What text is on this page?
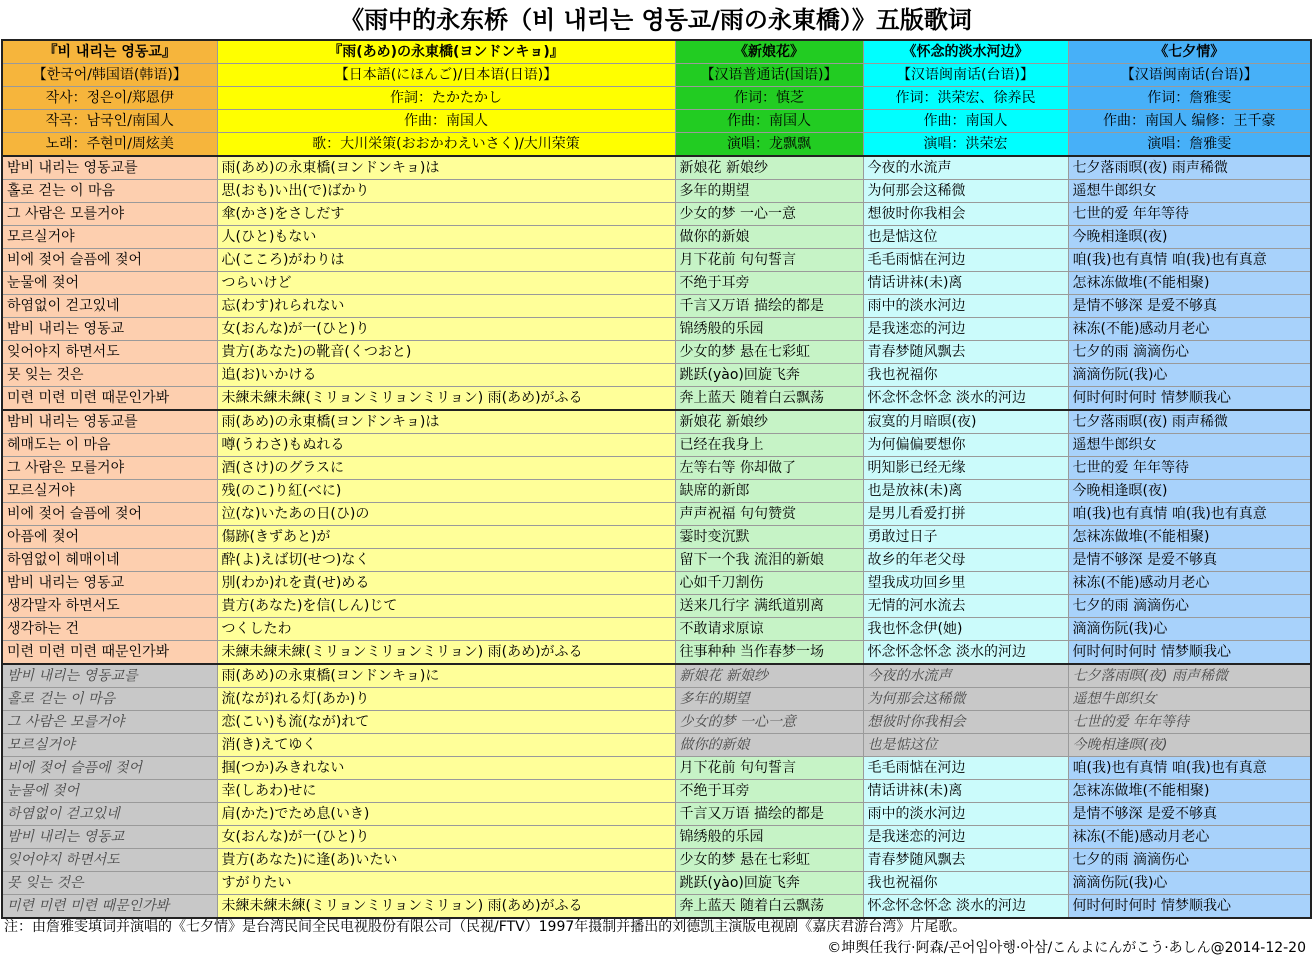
《雨中的永东桥（비 내리는 영동교/雨の永東橋）》五版歌词
『비 내리는 영동교』	『雨(あめ)の永東橋(ヨンドンキョ)』	《新娘花》	《怀念的淡水河边》	《七夕情》
【한국어/韩国语(韩语)】	【日本語(にほんご)/日本语(日语)】	【汉语普通话(国语)】	【汉语闽南话(台语)】	【汉语闽南话(台语)】
작사：정은이/郑恩伊	作詞：たかたかし	作词：慎芝	作词：洪荣宏、徐养民	作词：詹雅雯
작곡：남국인/南国人	作曲：南国人	作曲：南国人	作曲：南国人	作曲：南国人 编修：王千豪
노래：주현미/周炫美	歌：大川栄策(おおかわえいさく)/大川荣策	演唱：龙飘飘	演唱：洪荣宏	演唱：詹雅雯
밤비 내리는 영동교를	雨(あめ)の永東橋(ヨンドンキョ)は	新娘花 新娘纱	今夜的水流声	七夕落雨暝(夜) 雨声稀微
홀로 걷는 이 마음	思(おも)い出(で)ばかり	多年的期望	为何那会这稀微	遥想牛郎织女
그 사람은 모를거야	傘(かさ)をさしだす	少女的梦 一心一意	想彼时你我相会	七世的爱 年年等待
모르실거야	人(ひと)もない	做你的新娘	也是惦这位	今晚相逢暝(夜)
비에 젖어 슬픔에 젖어	心(こころ)がわりは	月下花前 句句誓言	毛毛雨惦在河边	咱(我)也有真情 咱(我)也有真意
눈물에 젖어	つらいけど	不绝于耳旁	情话讲袜(未)离	怎袜冻做堆(不能相聚)
하염없이 걷고있네	忘(わす)れられない	千言又万语 描绘的都是	雨中的淡水河边	是情不够深 是爱不够真
밤비 내리는 영동교	女(おんな)が一(ひと)り	锦绣般的乐园	是我迷恋的河边	袜冻(不能)感动月老心
잊어야지 하면서도	貴方(あなた)の靴音(くつおと)	少女的梦 悬在七彩虹	青春梦随风飘去	七夕的雨 滴滴伤心
못 잊는 것은	追(お)いかける	跳跃(yào)回旋飞奔	我也祝福你	滴滴伤阮(我)心
미련 미련 미련 때문인가봐	未練未練未練(ミリョンミリョンミリョン) 雨(あめ)がふる	奔上蓝天 随着白云飘荡	怀念怀念怀念 淡水的河边	何时何时何时 情梦顺我心
밤비 내리는 영동교를	雨(あめ)の永東橋(ヨンドンキョ)は	新娘花 新娘纱	寂寞的月暗暝(夜)	七夕落雨暝(夜) 雨声稀微
헤매도는 이 마음	噂(うわさ)もぬれる	已经在我身上	为何偏偏要想你	遥想牛郎织女
그 사람은 모를거야	酒(さけ)のグラスに	左等右等 你却做了	明知影已经无缘	七世的爱 年年等待
모르실거야	残(のこ)り紅(べに)	缺席的新郎	也是放袜(未)离	今晚相逢暝(夜)
비에 젖어 슬픔에 젖어	泣(な)いたあの日(ひ)の	声声祝福 句句赞赏	是男儿看爱打拼	咱(我)也有真情 咱(我)也有真意
아픔에 젖어	傷跡(きずあと)が	霎时变沉默	勇敢过日子	怎袜冻做堆(不能相聚)
하염없이 헤매이네	酔(よ)えば切(せつ)なく	留下一个我 流泪的新娘	故乡的年老父母	是情不够深 是爱不够真
밤비 내리는 영동교	別(わか)れを責(せ)める	心如千刀割伤	望我成功回乡里	袜冻(不能)感动月老心
생각말자 하면서도	貴方(あなた)を信(しん)じて	送来几行字 满纸道别离	无情的河水流去	七夕的雨 滴滴伤心
생각하는 건	つくしたわ	不敢请求原谅	我也怀念伊(她)	滴滴伤阮(我)心
미련 미련 미련 때문인가봐	未練未練未練(ミリョンミリョンミリョン) 雨(あめ)がふる	往事种种 当作春梦一场	怀念怀念怀念 淡水的河边	何时何时何时 情梦顺我心
밤비 내리는 영동교를	雨(あめ)の永東橋(ヨンドンキョ)に	新娘花 新娘纱	今夜的水流声	七夕落雨暝(夜) 雨声稀微
홀로 걷는 이 마음	流(なが)れる灯(あか)り	多年的期望	为何那会这稀微	遥想牛郎织女
그 사람은 모를거야	恋(こい)も流(なが)れて	少女的梦 一心一意	想彼时你我相会	七世的爱 年年等待
모르실거야	消(き)えてゆく	做你的新娘	也是惦这位	今晚相逢暝(夜)
비에 젖어 슬픔에 젖어	掴(つか)みきれない	月下花前 句句誓言	毛毛雨惦在河边	咱(我)也有真情 咱(我)也有真意
눈물에 젖어	幸(しあわ)せに	不绝于耳旁	情话讲袜(未)离	怎袜冻做堆(不能相聚)
하염없이 걷고있네	肩(かた)でため息(いき)	千言又万语 描绘的都是	雨中的淡水河边	是情不够深 是爱不够真
밤비 내리는 영동교	女(おんな)が一(ひと)り	锦绣般的乐园	是我迷恋的河边	袜冻(不能)感动月老心
잊어야지 하면서도	貴方(あなた)に逢(あ)いたい	少女的梦 悬在七彩虹	青春梦随风飘去	七夕的雨 滴滴伤心
못 잊는 것은	すがりたい	跳跃(yào)回旋飞奔	我也祝福你	滴滴伤阮(我)心
미련 미련 미련 때문인가봐	未練未練未練(ミリョンミリョンミリョン) 雨(あめ)がふる	奔上蓝天 随着白云飘荡	怀念怀念怀念 淡水的河边	何时何时何时 情梦顺我心
注：由詹雅雯填词并演唱的《七夕情》是台湾民间全民电视股份有限公司（民视/FTV）1997年摄制并播出的刘德凯主演版电视剧《嘉庆君游台湾》片尾歌。
©坤舆任我行·阿森/곤어임아행·아삼/こんよにんがこう·あしん@2014-12-20
